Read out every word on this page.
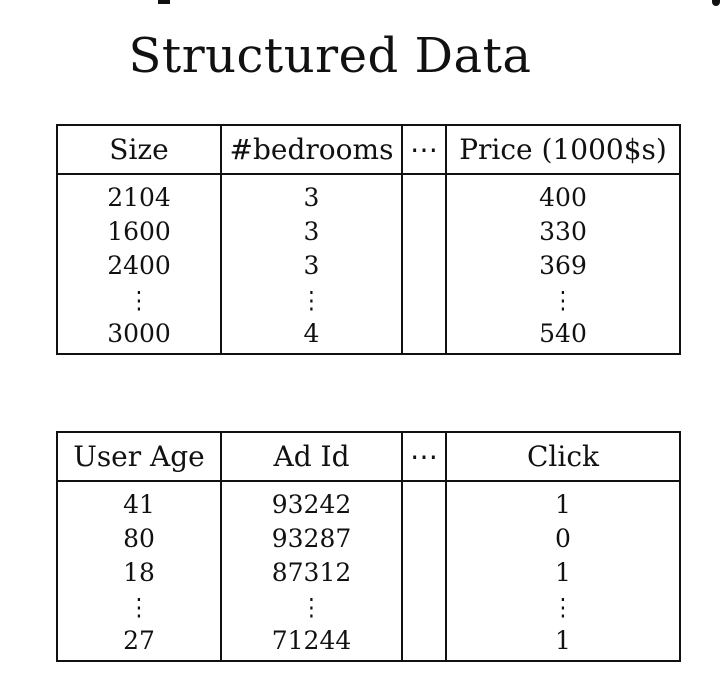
Structured Data
Size	#bedrooms	⋯	Price (1000$s)
2104	3		400
1600	3		330
2400	3		369
⋮	⋮		⋮
3000	4		540
User Age	Ad Id	⋯	Click
41	93242		1
80	93287		0
18	87312		1
⋮	⋮		⋮
27	71244		1
